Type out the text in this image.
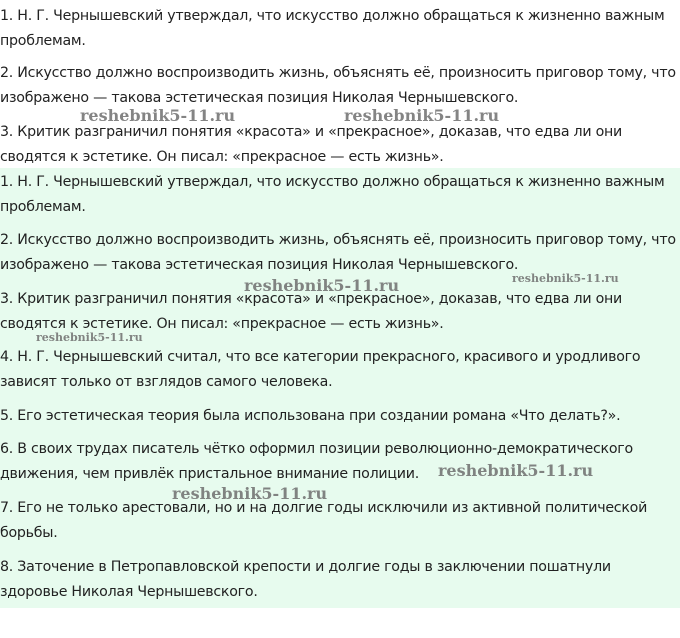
1. Н. Г. Чернышевский утверждал, что искусство должно обращаться к жизненно важным проблемам.

2. Искусство должно воспроизводить жизнь, объяснять её, произносить приговор тому, что изображено — такова эстетическая позиция Николая Чернышевского.

3. Критик разграничил понятия «красота» и «прекрасное», доказав, что едва ли они сводятся к эстетике. Он писал: «прекрасное — есть жизнь».

1. Н. Г. Чернышевский утверждал, что искусство должно обращаться к жизненно важным проблемам.

2. Искусство должно воспроизводить жизнь, объяснять её, произносить приговор тому, что изображено — такова эстетическая позиция Николая Чернышевского.

3. Критик разграничил понятия «красота» и «прекрасное», доказав, что едва ли они сводятся к эстетике. Он писал: «прекрасное — есть жизнь».

4. Н. Г. Чернышевский считал, что все категории прекрасного, красивого и уродливого зависят только от взглядов самого человека.

5. Его эстетическая теория была использована при создании романа «Что делать?».

6. В своих трудах писатель чётко оформил позиции революционно-демократического движения, чем привлёк пристальное внимание полиции.

7. Его не только арестовали, но и на долгие годы исключили из активной политической борьбы.

8. Заточение в Петропавловской крепости и долгие годы в заключении пошатнули здоровье Николая Чернышевского.

reshebnik5-11.ru	reshebnik5-11.ru
reshebnik5-11.ru	reshebnik5-11.ru
reshebnik5-11.ru
reshebnik5-11.ru
reshebnik5-11.ru
